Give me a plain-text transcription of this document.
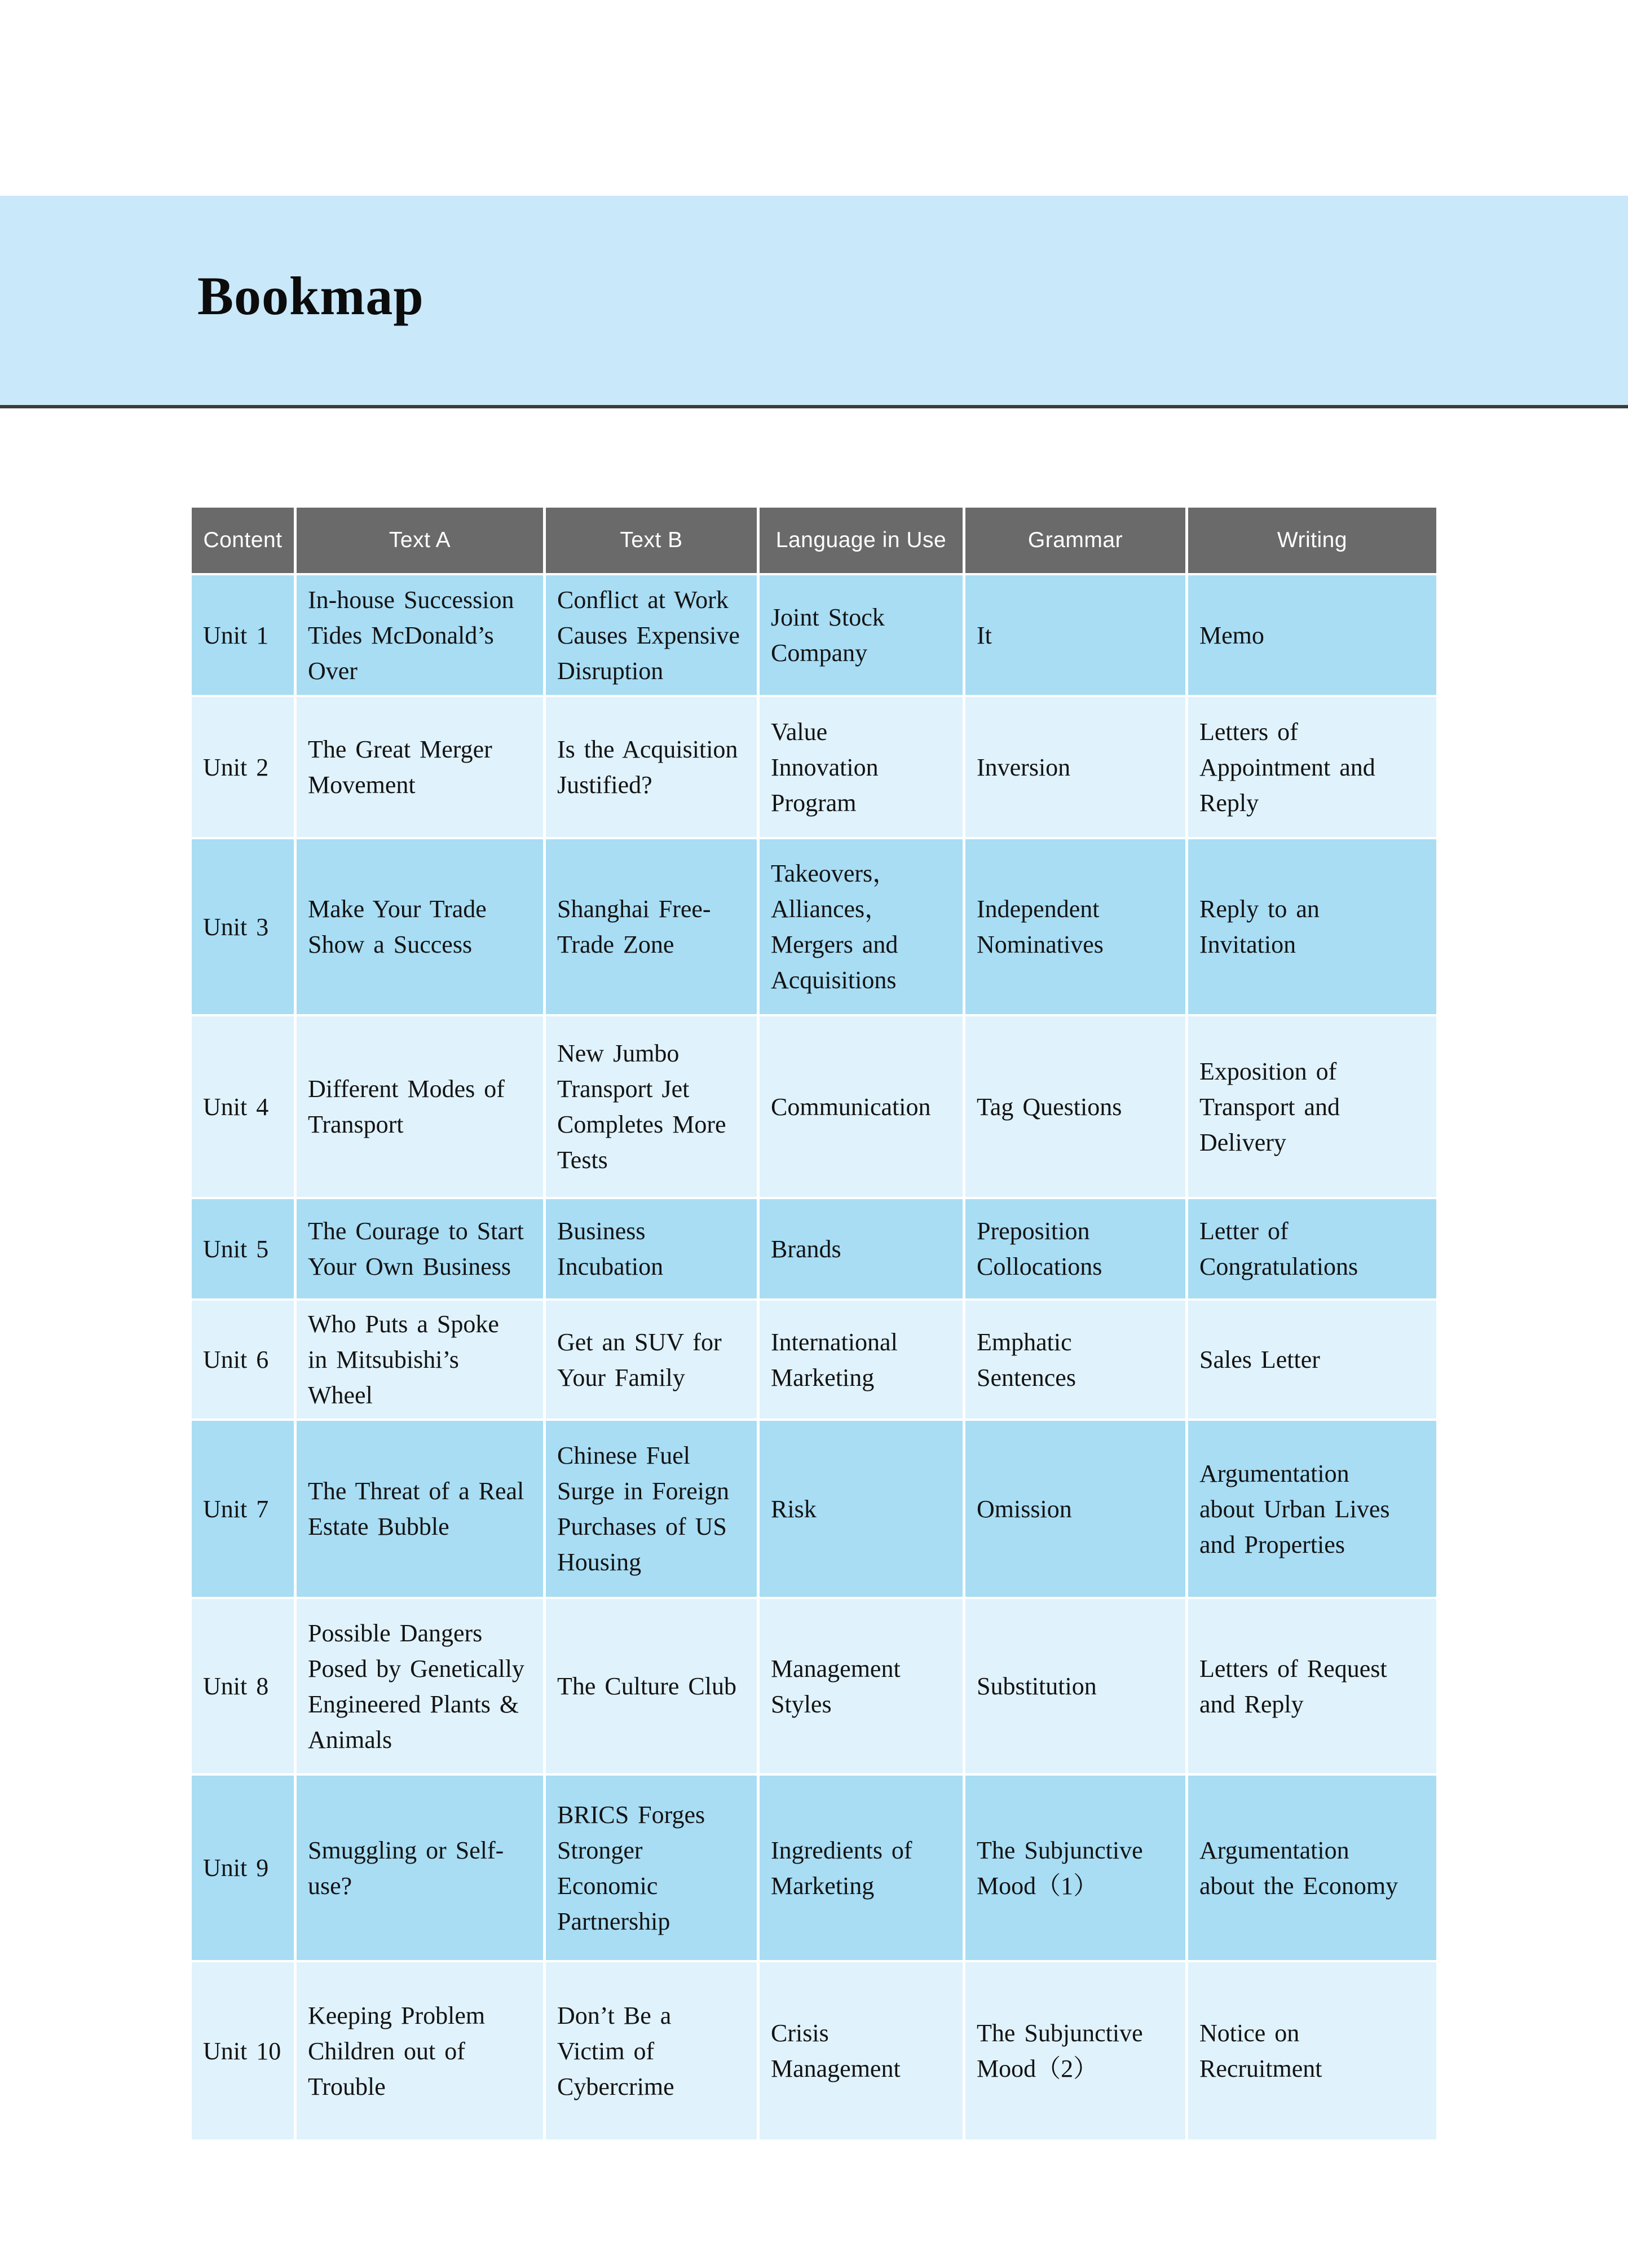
Bookmap
Content	Text A	Text B	Language in Use	Grammar	Writing
Unit 1	In-house Succession Tides McDonald’s Over	Conflict at Work Causes Expensive Disruption	Joint Stock Company	It	Memo
Unit 2	The Great Merger Movement	Is the Acquisition Justified?	Value Innovation Program	Inversion	Letters of Appointment and Reply
Unit 3	Make Your Trade Show a Success	Shanghai Free-Trade Zone	Takeovers，Alliances，Mergers and Acquisitions	Independent Nominatives	Reply to an Invitation
Unit 4	Different Modes of Transport	New Jumbo Transport Jet Completes More Tests	Communication	Tag Questions	Exposition of Transport and Delivery
Unit 5	The Courage to Start Your Own Business	Business Incubation	Brands	Preposition Collocations	Letter of Congratulations
Unit 6	Who Puts a Spoke in Mitsubishi’s Wheel	Get an SUV for Your Family	International Marketing	Emphatic Sentences	Sales Letter
Unit 7	The Threat of a Real Estate Bubble	Chinese Fuel Surge in Foreign Purchases of US Housing	Risk	Omission	Argumentation about Urban Lives and Properties
Unit 8	Possible Dangers Posed by Genetically Engineered Plants & Animals	The Culture Club	Management Styles	Substitution	Letters of Request and Reply
Unit 9	Smuggling or Self-use?	BRICS Forges Stronger Economic Partnership	Ingredients of Marketing	The Subjunctive Mood（1）	Argumentation about the Economy
Unit 10	Keeping Problem Children out of Trouble	Don’t Be a Victim of Cybercrime	Crisis Management	The Subjunctive Mood（2）	Notice on Recruitment
